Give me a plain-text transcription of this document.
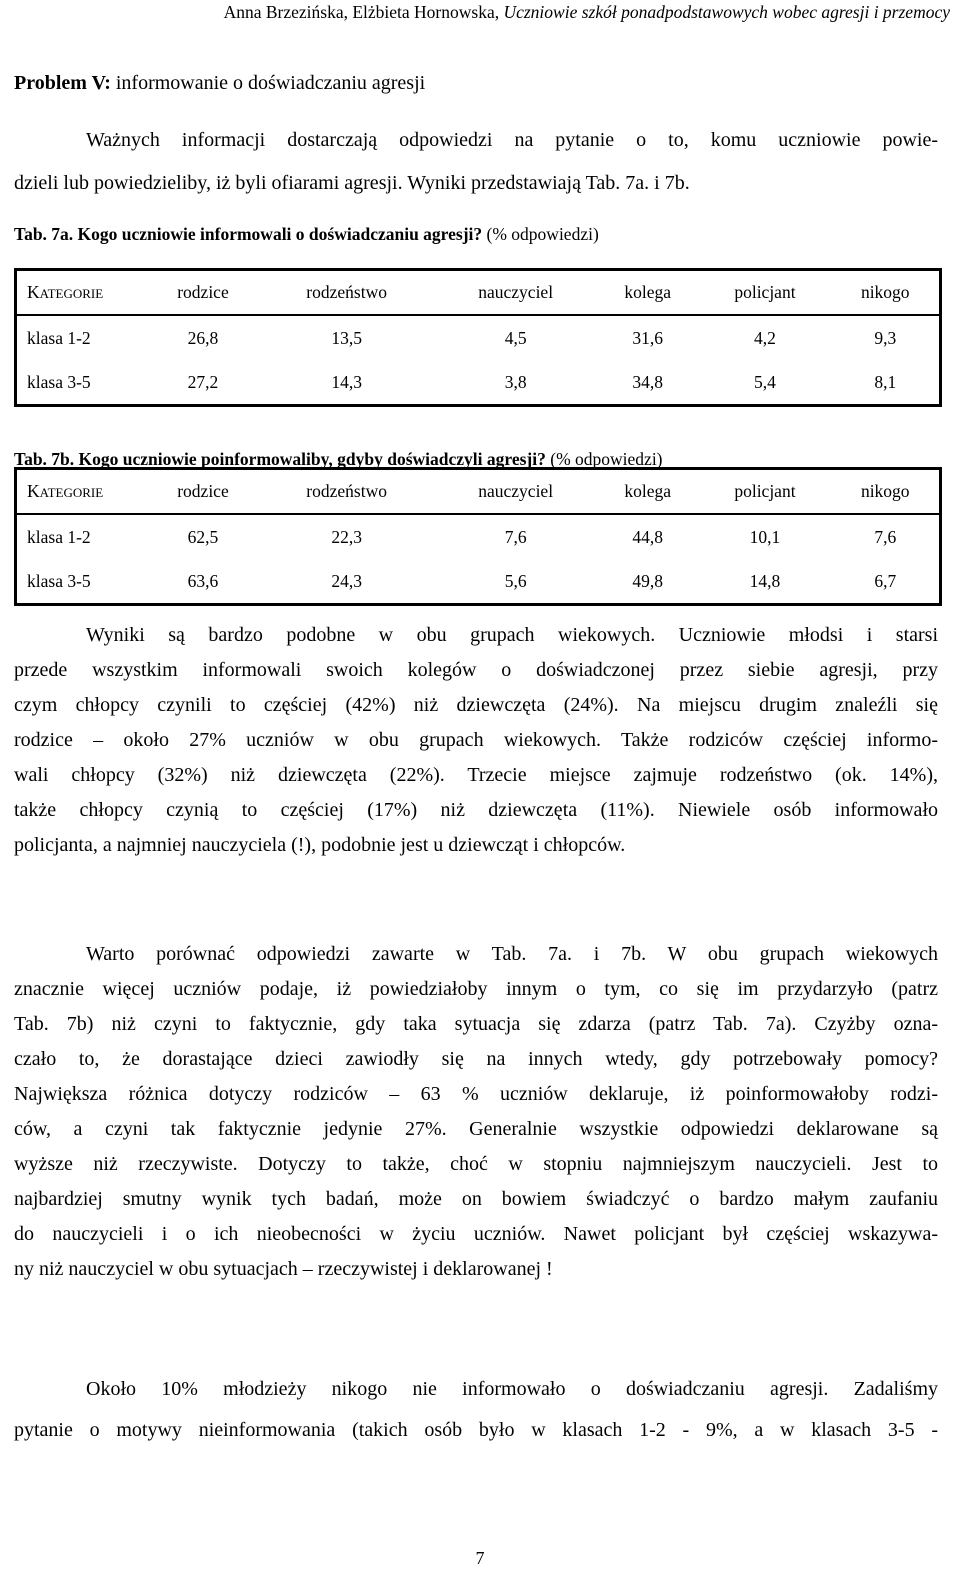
Anna Brzezińska, Elżbieta Hornowska, Uczniowie szkół ponadpodstawowych wobec agresji i przemocy
Problem V: informowanie o doświadczaniu agresji
Ważnych informacji dostarczają odpowiedzi na pytanie o to, komu uczniowie powie-
dzieli lub powiedzieliby, iż byli ofiarami agresji. Wyniki przedstawiają Tab. 7a. i 7b.
Tab. 7a. Kogo uczniowie informowali o doświadczaniu agresji? (% odpowiedzi)
KATEGORIE	rodzice	rodzeństwo	nauczyciel	kolega	policjant	nikogo
klasa 1-2	26,8	13,5	4,5	31,6	4,2	9,3
klasa 3-5	27,2	14,3	3,8	34,8	5,4	8,1
Tab. 7b. Kogo uczniowie poinformowaliby, gdyby doświadczyli agresji? (% odpowiedzi)
KATEGORIE	rodzice	rodzeństwo	nauczyciel	kolega	policjant	nikogo
klasa 1-2	62,5	22,3	7,6	44,8	10,1	7,6
klasa 3-5	63,6	24,3	5,6	49,8	14,8	6,7
Wyniki są bardzo podobne w obu grupach wiekowych. Uczniowie młodsi i starsi
przede wszystkim informowali swoich kolegów o doświadczonej przez siebie agresji, przy
czym chłopcy czynili to częściej (42%) niż dziewczęta (24%). Na miejscu drugim znaleźli się
rodzice – około 27% uczniów w obu grupach wiekowych. Także rodziców częściej informo-
wali chłopcy (32%) niż dziewczęta (22%). Trzecie miejsce zajmuje rodzeństwo (ok. 14%),
także chłopcy czynią to częściej (17%) niż dziewczęta (11%). Niewiele osób informowało
policjanta, a najmniej nauczyciela (!), podobnie jest u dziewcząt i chłopców.
Warto porównać odpowiedzi zawarte w Tab. 7a. i 7b. W obu grupach wiekowych
znacznie więcej uczniów podaje, iż powiedziałoby innym o tym, co się im przydarzyło (patrz
Tab. 7b) niż czyni to faktycznie, gdy taka sytuacja się zdarza (patrz Tab. 7a). Czyżby ozna-
czało to, że dorastające dzieci zawiodły się na innych wtedy, gdy potrzebowały pomocy?
Największa różnica dotyczy rodziców – 63 % uczniów deklaruje, iż poinformowałoby rodzi-
ców, a czyni tak faktycznie jedynie 27%. Generalnie wszystkie odpowiedzi deklarowane są
wyższe niż rzeczywiste. Dotyczy to także, choć w stopniu najmniejszym nauczycieli. Jest to
najbardziej smutny wynik tych badań, może on bowiem świadczyć o bardzo małym zaufaniu
do nauczycieli i o ich nieobecności w życiu uczniów. Nawet policjant był częściej wskazywa-
ny niż nauczyciel w obu sytuacjach – rzeczywistej i deklarowanej !
Około 10% młodzieży nikogo nie informowało o doświadczaniu agresji. Zadaliśmy
pytanie o motywy nieinformowania (takich osób było w klasach 1-2 - 9%, a w klasach 3-5 -
7
